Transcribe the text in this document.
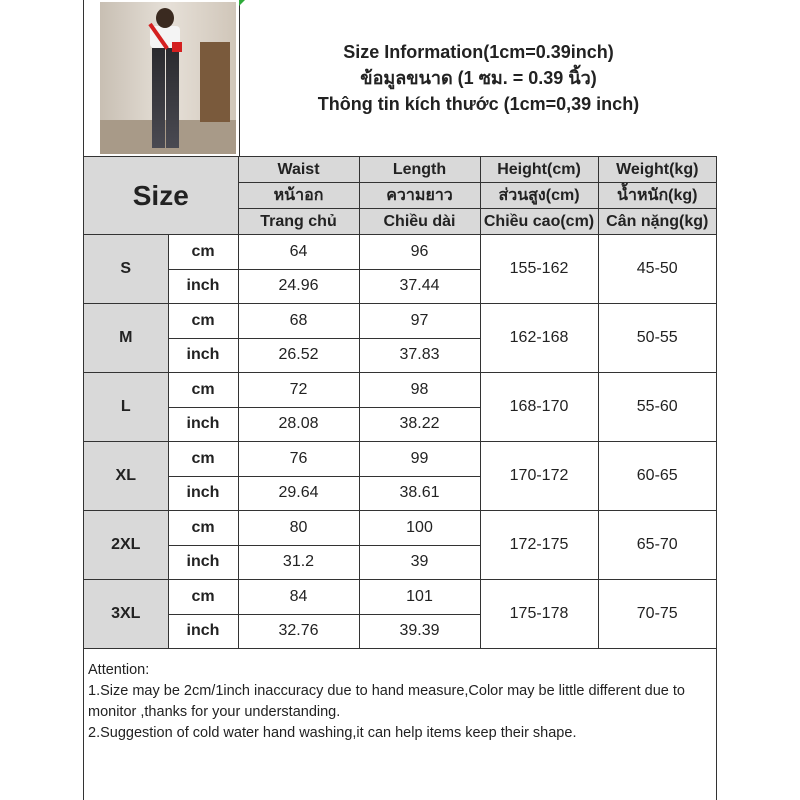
Size Information(1cm=0.39inch)
ข้อมูลขนาด (1 ซม. = 0.39 นิ้ว)
Thông tin kích thước (1cm=0,39 inch)
Size		Waist	Length	Height(cm)	Weight(kg)
		หน้าอก	ความยาว	ส่วนสูง(cm)	น้ำหนัก(kg)
		Trang chủ	Chiều dài	Chiều cao(cm)	Cân nặng(kg)
S	cm	64	96	155-162	45-50
	inch	24.96	37.44		
M	cm	68	97	162-168	50-55
	inch	26.52	37.83		
L	cm	72	98	168-170	55-60
	inch	28.08	38.22		
XL	cm	76	99	170-172	60-65
	inch	29.64	38.61		
2XL	cm	80	100	172-175	65-70
	inch	31.2	39		
3XL	cm	84	101	175-178	70-75
	inch	32.76	39.39		
Attention:
1.Size may be 2cm/1inch inaccuracy due to hand measure,Color may be little different due to monitor ,thanks for your understanding.
2.Suggestion of cold water hand washing,it can help items keep their shape.
